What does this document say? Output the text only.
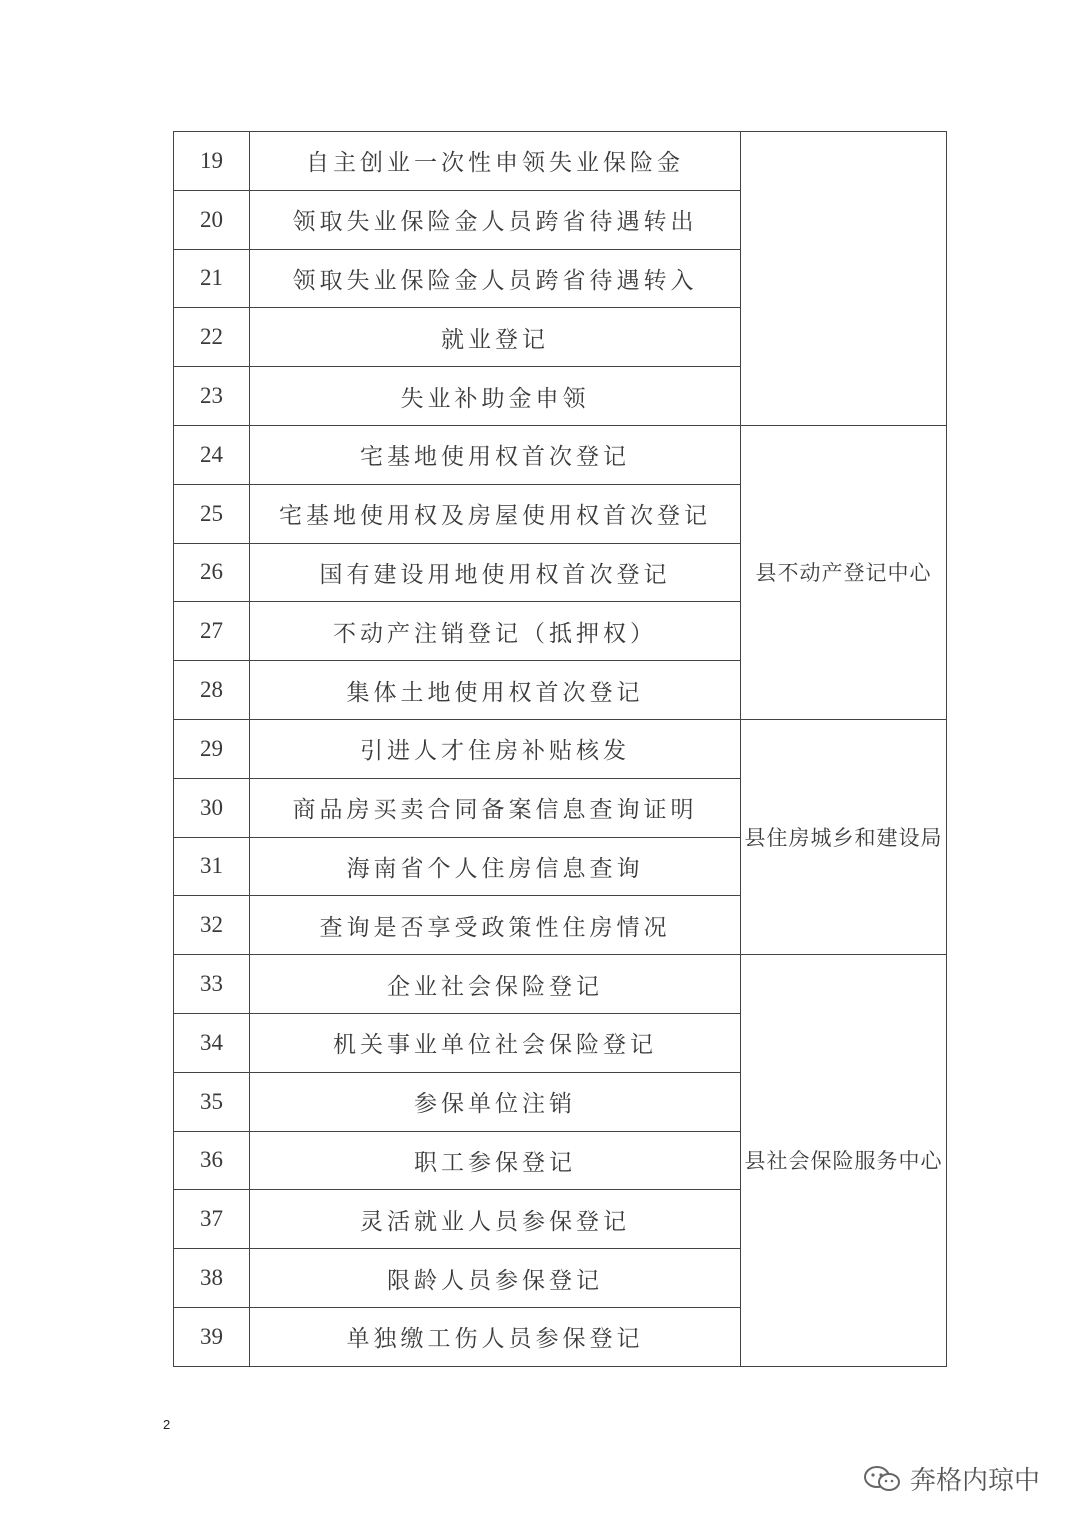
19	自主创业一次性申领失业保险金	
20	领取失业保险金人员跨省待遇转出	
21	领取失业保险金人员跨省待遇转入	
22	就业登记	
23	失业补助金申领	
24	宅基地使用权首次登记	县不动产登记中心
25	宅基地使用权及房屋使用权首次登记	
26	国有建设用地使用权首次登记	
27	不动产注销登记（抵押权）	
28	集体土地使用权首次登记	
29	引进人才住房补贴核发	县住房城乡和建设局
30	商品房买卖合同备案信息查询证明	
31	海南省个人住房信息查询	
32	查询是否享受政策性住房情况	
33	企业社会保险登记	县社会保险服务中心
34	机关事业单位社会保险登记	
35	参保单位注销	
36	职工参保登记	
37	灵活就业人员参保登记	
38	限龄人员参保登记	
39	单独缴工伤人员参保登记	
2
奔格内琼中
